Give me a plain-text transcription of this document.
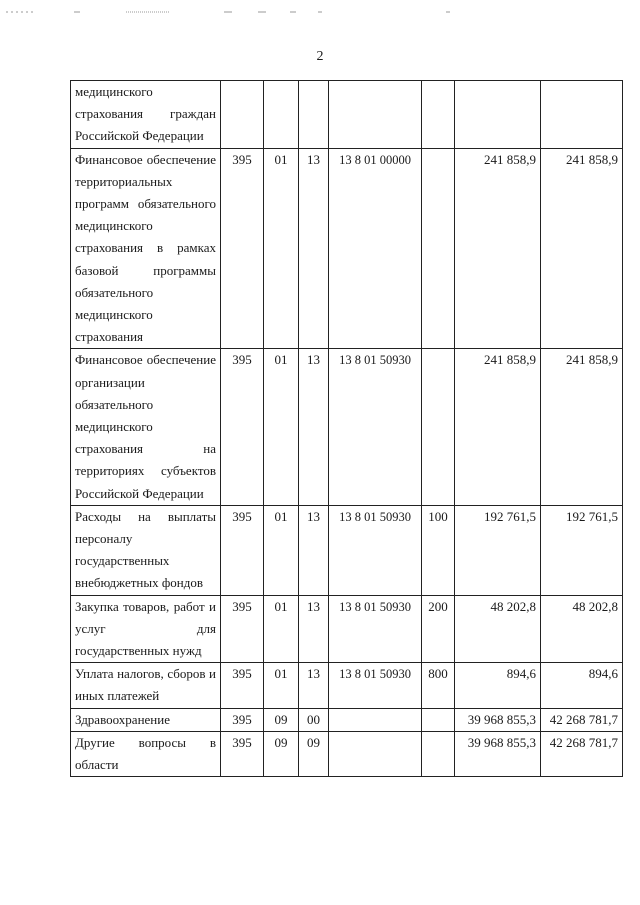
2
медицинского страхования граждан Российской Федерации							
Финансовое обеспечение территориальных программ обязательного медицинского страхования в рамках базовой программы обязательного медицинского страхования	395	01	13	13 8 01 00000		241 858,9	241 858,9
Финансовое обеспечение организации обязательного медицинского страхования на территориях субъектов Российской Федерации	395	01	13	13 8 01 50930		241 858,9	241 858,9
Расходы на выплаты персоналу государственных внебюджетных фондов	395	01	13	13 8 01 50930	100	192 761,5	192 761,5
Закупка товаров, работ и услуг для государственных нужд	395	01	13	13 8 01 50930	200	48 202,8	48 202,8
Уплата налогов, сборов и иных платежей	395	01	13	13 8 01 50930	800	894,6	894,6
Здравоохранение	395	09	00			39 968 855,3	42 268 781,7
Другие вопросы в области	395	09	09			39 968 855,3	42 268 781,7
